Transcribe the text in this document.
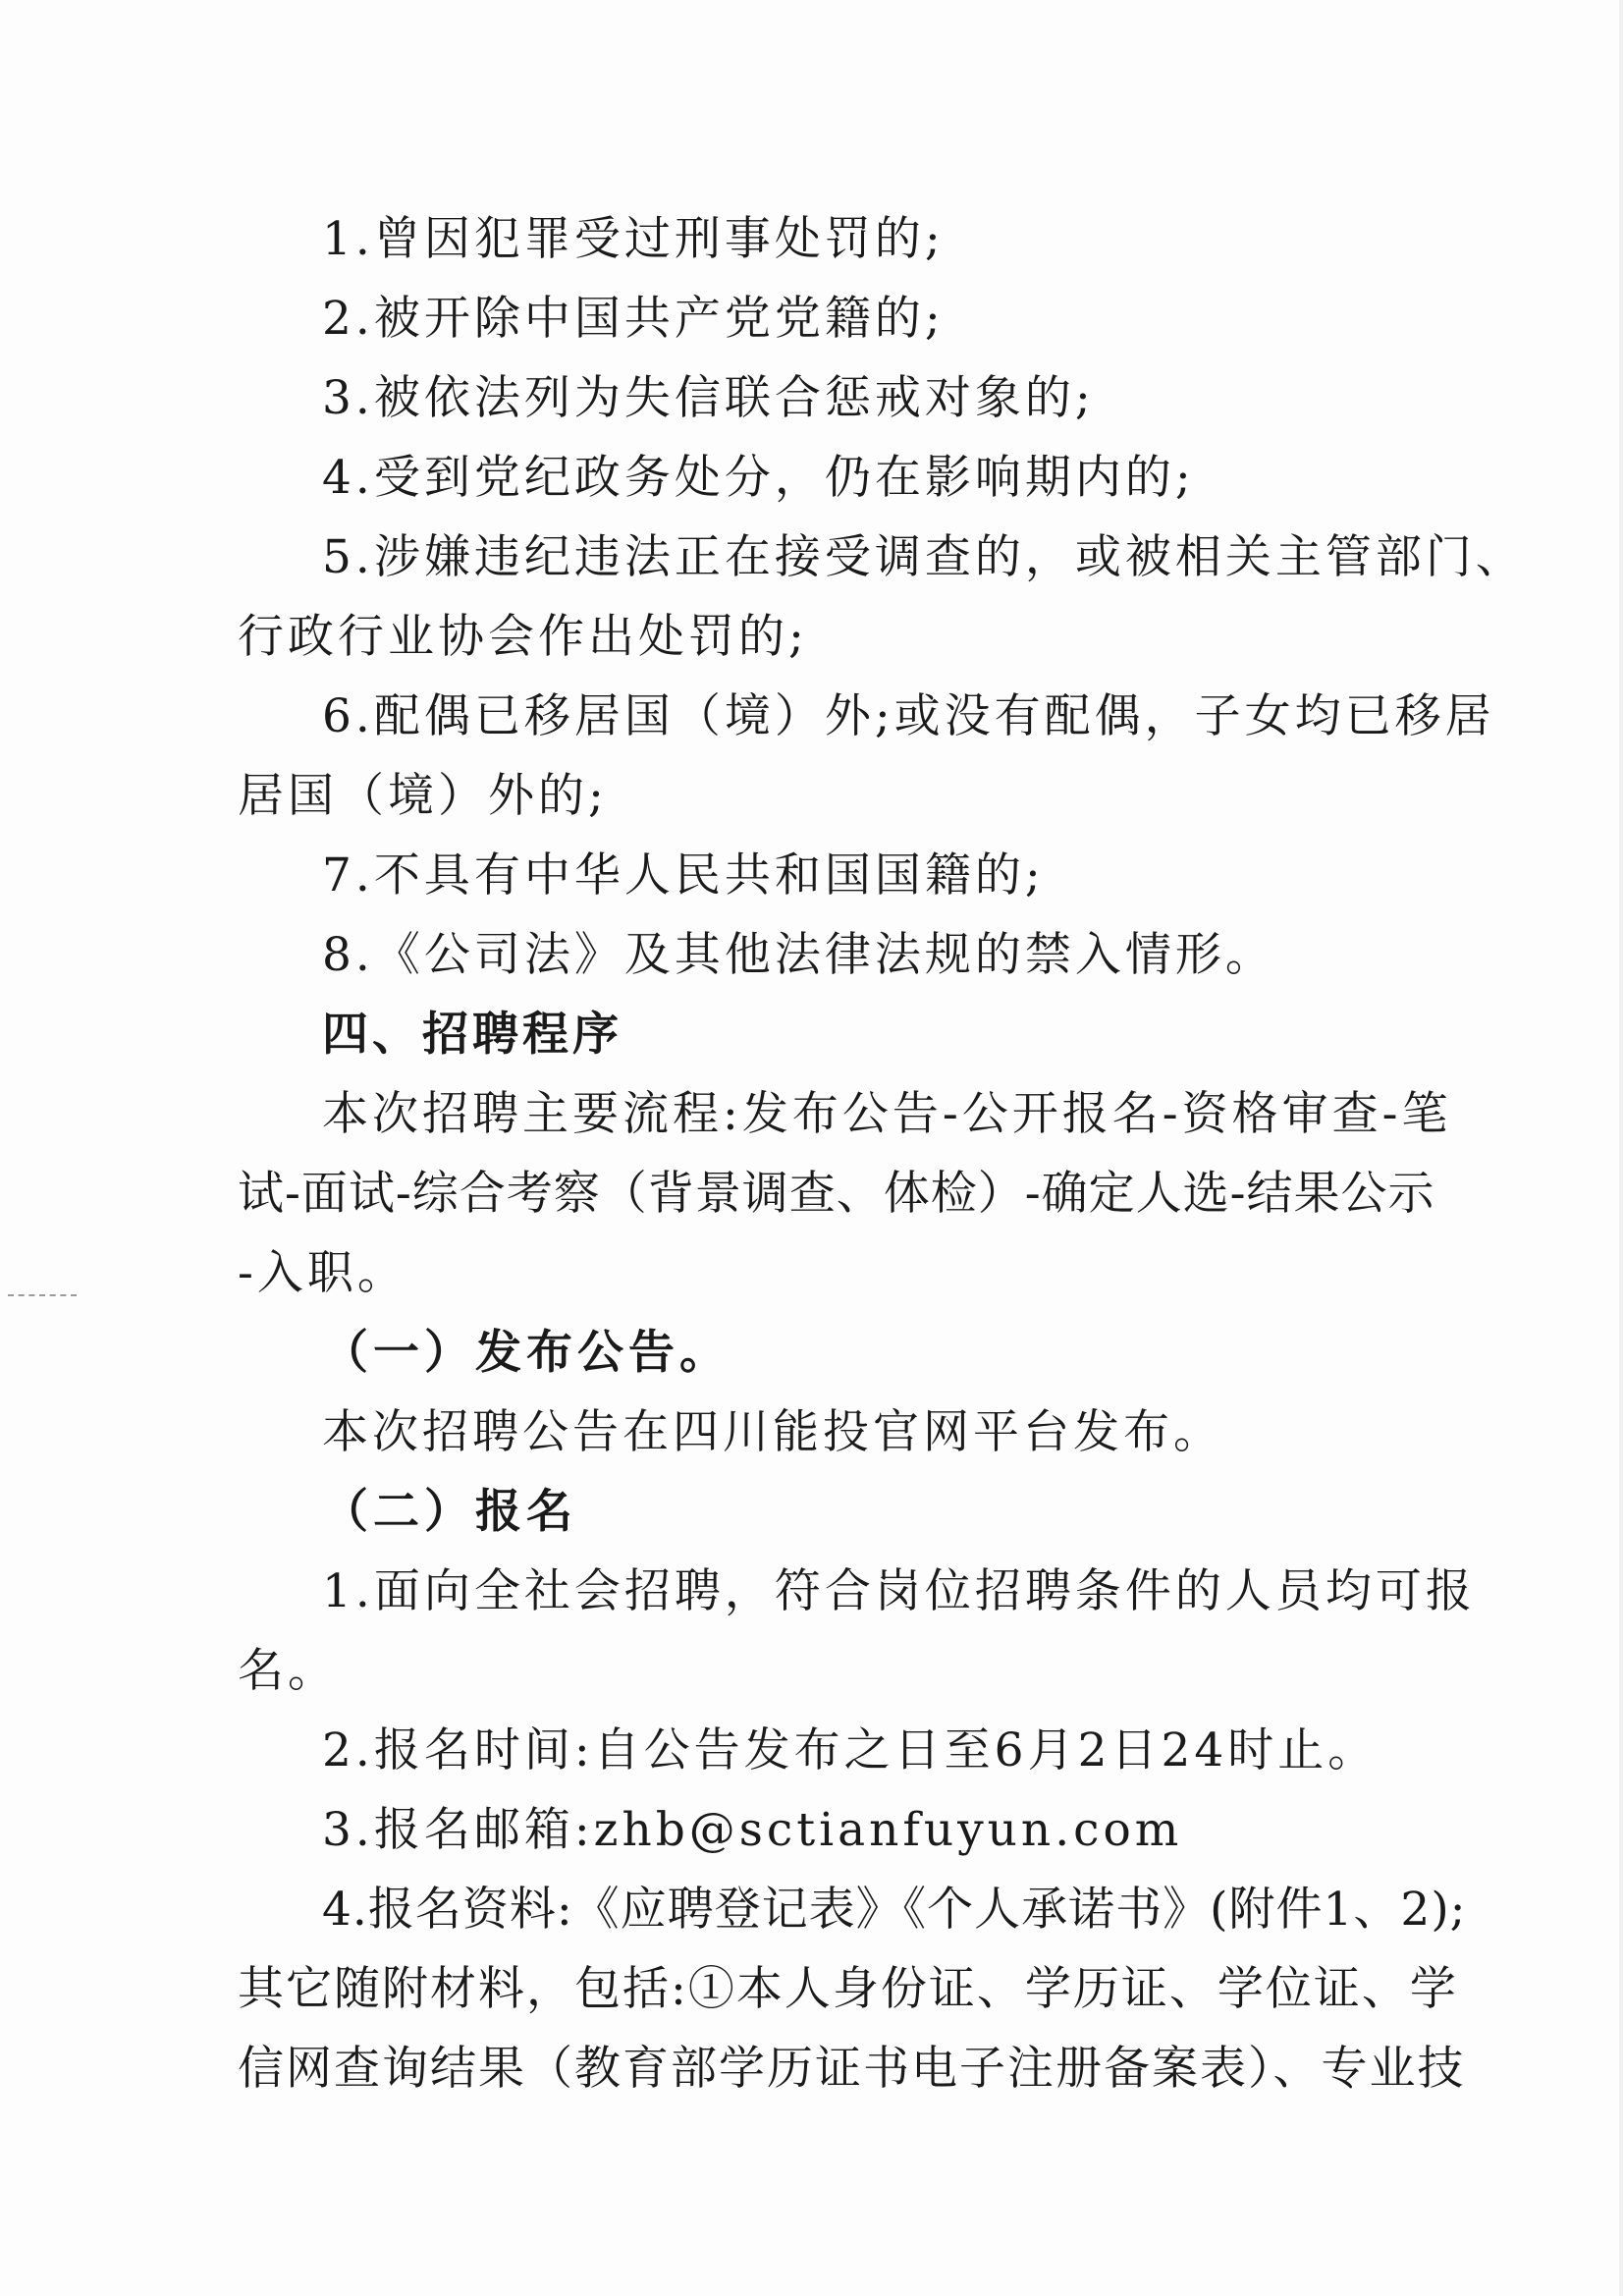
1.曾因犯罪受过刑事处罚的;
2.被开除中国共产党党籍的;
3.被依法列为失信联合惩戒对象的;
4.受到党纪政务处分，仍在影响期内的;
5.涉嫌违纪违法正在接受调查的，或被相关主管部门、
行政行业协会作出处罚的;
6.配偶已移居国（境）外;或没有配偶，子女均已移居
居国（境）外的;
7.不具有中华人民共和国国籍的;
8.《公司法》及其他法律法规的禁入情形。
四、招聘程序
本次招聘主要流程:发布公告-公开报名-资格审查-笔
试-面试-综合考察（背景调查、体检）-确定人选-结果公示
-入职。
（一）发布公告。
本次招聘公告在四川能投官网平台发布。
（二）报名
1.面向全社会招聘，符合岗位招聘条件的人员均可报
名。
2.报名时间:自公告发布之日至6月2日24时止。
3.报名邮箱:zhb@sctianfuyun.com
4.报名资料:《应聘登记表》《个人承诺书》(附件1、2);
其它随附材料，包括:①本人身份证、学历证、学位证、学
信网查询结果（教育部学历证书电子注册备案表）、专业技
